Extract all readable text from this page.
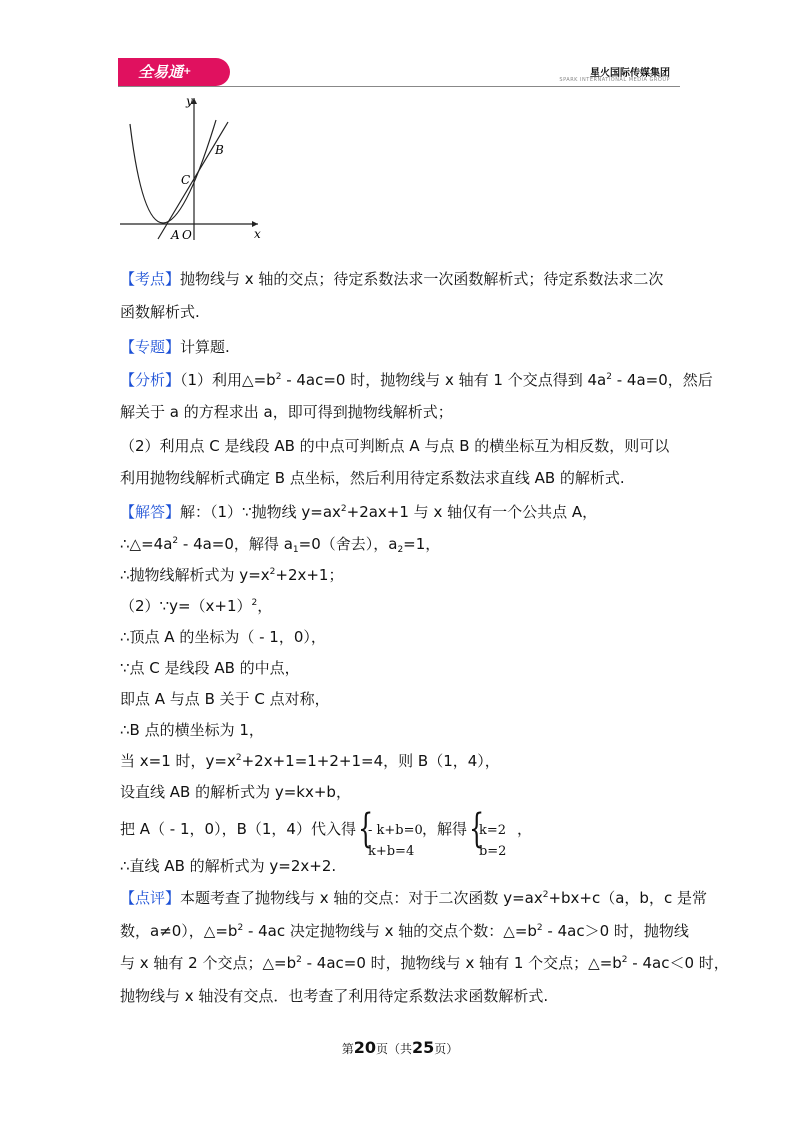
全易通+	星火国际传媒集团
SPARK INTERNATIONAL MEDIA GROUP
y
x
B
C
A O
【考点】抛物线与 x 轴的交点；待定系数法求一次函数解析式；待定系数法求二次
函数解析式.
【专题】计算题.
【分析】（1）利用$\triangle=b^2 - 4ac=0$ 时，抛物线与 x 轴有 1 个交点得到 $4a^2 - 4a=0$，然后
解关于 a 的方程求出 a，即可得到抛物线解析式；
（2）利用点 C 是线段 AB 的中点可判断点 A 与点 B 的横坐标互为相反数，则可以
利用抛物线解析式确定 B 点坐标，然后利用待定系数法求直线 AB 的解析式.
【解答】解：（1）∵抛物线 $y=ax^2+2ax+1$ 与 x 轴仅有一个公共点 A，
$\therefore\triangle=4a^2 - 4a=0$，解得 $a_1=0$（舍去），$a_2=1$，
∴抛物线解析式为 $y=x^2+2x+1$；
$(2)\because y=(x+1)^2$，
∴顶点 A 的坐标为（ - 1，0），
∵点 C 是线段 AB 的中点，
即点 A 与点 B 关于 C 点对称，
∴B 点的横坐标为 1，
当 x=1 时，$y=x^2+2x+1=1+2+1=4$，则 B（1，4），
设直线 AB 的解析式为 y=kx+b，
把 A（ - 1，0），B（1，4）代入得 {
- k+b=0
k+b=4
，解得 {
k=2
b=2
，
∴直线 AB 的解析式为 y=2x+2.
【点评】本题考查了抛物线与 x 轴的交点：对于二次函数 $y=ax^2+bx+c(a$，b，c 是常
数，a≠0），$\triangle=b^2 - 4ac$ 决定抛物线与 x 轴的交点个数：$\triangle=b^2 - 4ac>0$ 时，抛物线
与 x 轴有 2 个交点；$\triangle=b^2 - 4ac=0$ 时，抛物线与 x 轴有 1 个交点；$\triangle=b^2 - 4ac<0$ 时，
抛物线与 x 轴没有交点．也考查了利用待定系数法求函数解析式.
第20页（共25页）
